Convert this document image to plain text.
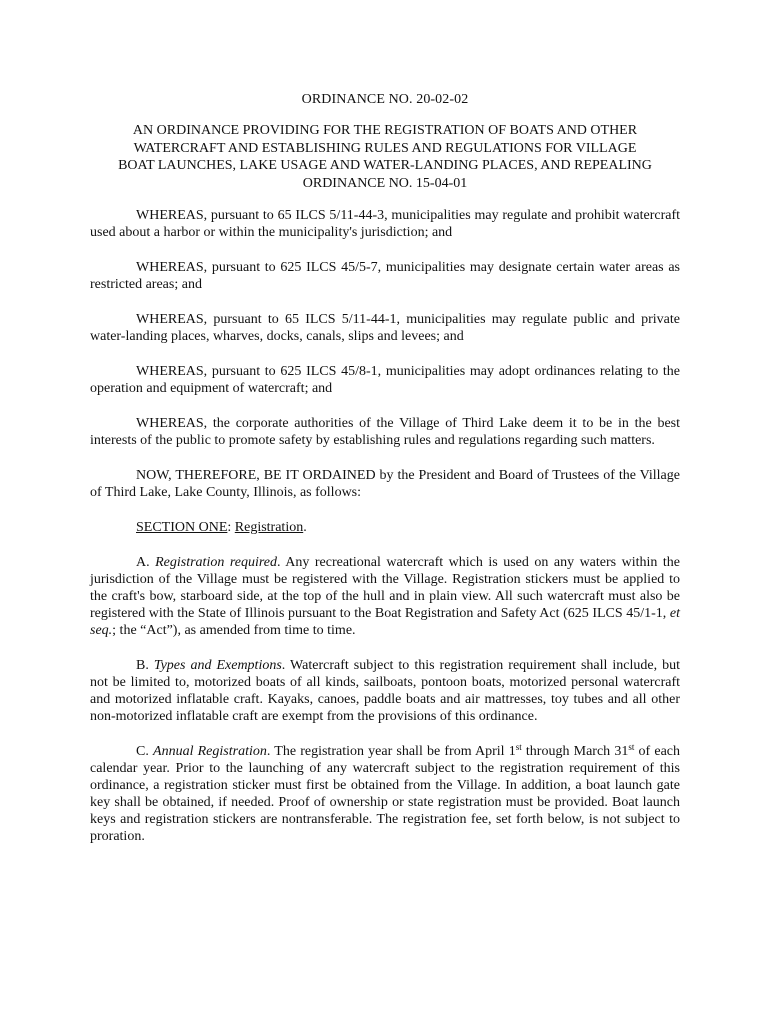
ORDINANCE NO. 20-02-02
AN ORDINANCE PROVIDING FOR THE REGISTRATION OF BOATS AND OTHER
WATERCRAFT AND ESTABLISHING RULES AND REGULATIONS FOR VILLAGE
BOAT LAUNCHES, LAKE USAGE AND WATER-LANDING PLACES, AND REPEALING
ORDINANCE NO. 15-04-01

WHEREAS, pursuant to 65 ILCS 5/11-44-3, municipalities may regulate and prohibit watercraft used about a harbor or within the municipality's jurisdiction; and

WHEREAS, pursuant to 625 ILCS 45/5-7, municipalities may designate certain water areas as restricted areas; and

WHEREAS, pursuant to 65 ILCS 5/11-44-1, municipalities may regulate public and private water-landing places, wharves, docks, canals, slips and levees; and

WHEREAS, pursuant to 625 ILCS 45/8-1, municipalities may adopt ordinances relating to the operation and equipment of watercraft; and

WHEREAS, the corporate authorities of the Village of Third Lake deem it to be in the best interests of the public to promote safety by establishing rules and regulations regarding such matters.

NOW, THEREFORE, BE IT ORDAINED by the President and Board of Trustees of the Village of Third Lake, Lake County, Illinois, as follows:

SECTION ONE: Registration.

A. Registration required. Any recreational watercraft which is used on any waters within the jurisdiction of the Village must be registered with the Village. Registration stickers must be applied to the craft's bow, starboard side, at the top of the hull and in plain view. All such watercraft must also be registered with the State of Illinois pursuant to the Boat Registration and Safety Act (625 ILCS 45/1-1, et seq.; the “Act”), as amended from time to time.

B. Types and Exemptions. Watercraft subject to this registration requirement shall include, but not be limited to, motorized boats of all kinds, sailboats, pontoon boats, motorized personal watercraft and motorized inflatable craft. Kayaks, canoes, paddle boats and air mattresses, toy tubes and all other non-motorized inflatable craft are exempt from the provisions of this ordinance.

C. Annual Registration. The registration year shall be from April 1st through March 31st of each calendar year. Prior to the launching of any watercraft subject to the registration requirement of this ordinance, a registration sticker must first be obtained from the Village. In addition, a boat launch gate key shall be obtained, if needed. Proof of ownership or state registration must be provided. Boat launch keys and registration stickers are nontransferable. The registration fee, set forth below, is not subject to proration.
